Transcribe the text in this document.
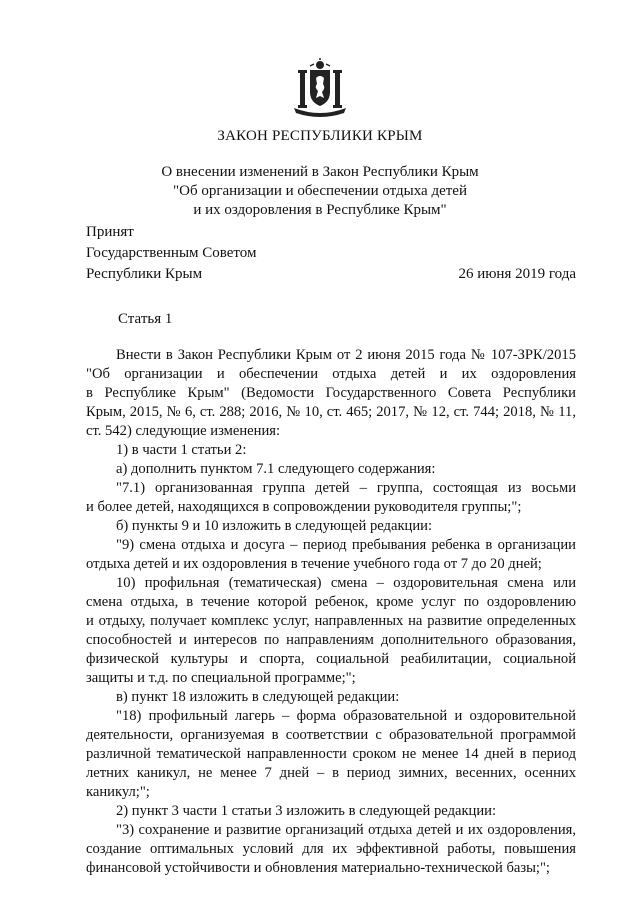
ЗАКОН РЕСПУБЛИКИ КРЫМ
О внесении изменений в Закон Республики Крым
"Об организации и обеспечении отдыха детей
и их оздоровления в Республике Крым"
Принят
Государственным Советом
Республики Крым	26 июня 2019 года
Статья 1
Внести в Закон Республики Крым от 2 июня 2015 года № 107-ЗРК/2015
"Об организации и обеспечении отдыха детей и их оздоровления
в Республике Крым" (Ведомости Государственного Совета Республики
Крым, 2015, № 6, ст. 288; 2016, № 10, ст. 465; 2017, № 12, ст. 744; 2018, № 11,
ст. 542) следующие изменения:
1) в части 1 статьи 2:
а) дополнить пунктом 7.1 следующего содержания:
"7.1) организованная группа детей – группа, состоящая из восьми
и более детей, находящихся в сопровождении руководителя группы;";
б) пункты 9 и 10 изложить в следующей редакции:
"9) смена отдыха и досуга – период пребывания ребенка в организации
отдыха детей и их оздоровления в течение учебного года от 7 до 20 дней;
10) профильная (тематическая) смена – оздоровительная смена или
смена отдыха, в течение которой ребенок, кроме услуг по оздоровлению
и отдыху, получает комплекс услуг, направленных на развитие определенных
способностей и интересов по направлениям дополнительного образования,
физической культуры и спорта, социальной реабилитации, социальной
защиты и т.д. по специальной программе;";
в) пункт 18 изложить в следующей редакции:
"18) профильный лагерь – форма образовательной и оздоровительной
деятельности, организуемая в соответствии с образовательной программой
различной тематической направленности сроком не менее 14 дней в период
летних каникул, не менее 7 дней – в период зимних, весенних, осенних
каникул;";
2) пункт 3 части 1 статьи 3 изложить в следующей редакции:
"3) сохранение и развитие организаций отдыха детей и их оздоровления,
создание оптимальных условий для их эффективной работы, повышения
финансовой устойчивости и обновления материально-технической базы;";
